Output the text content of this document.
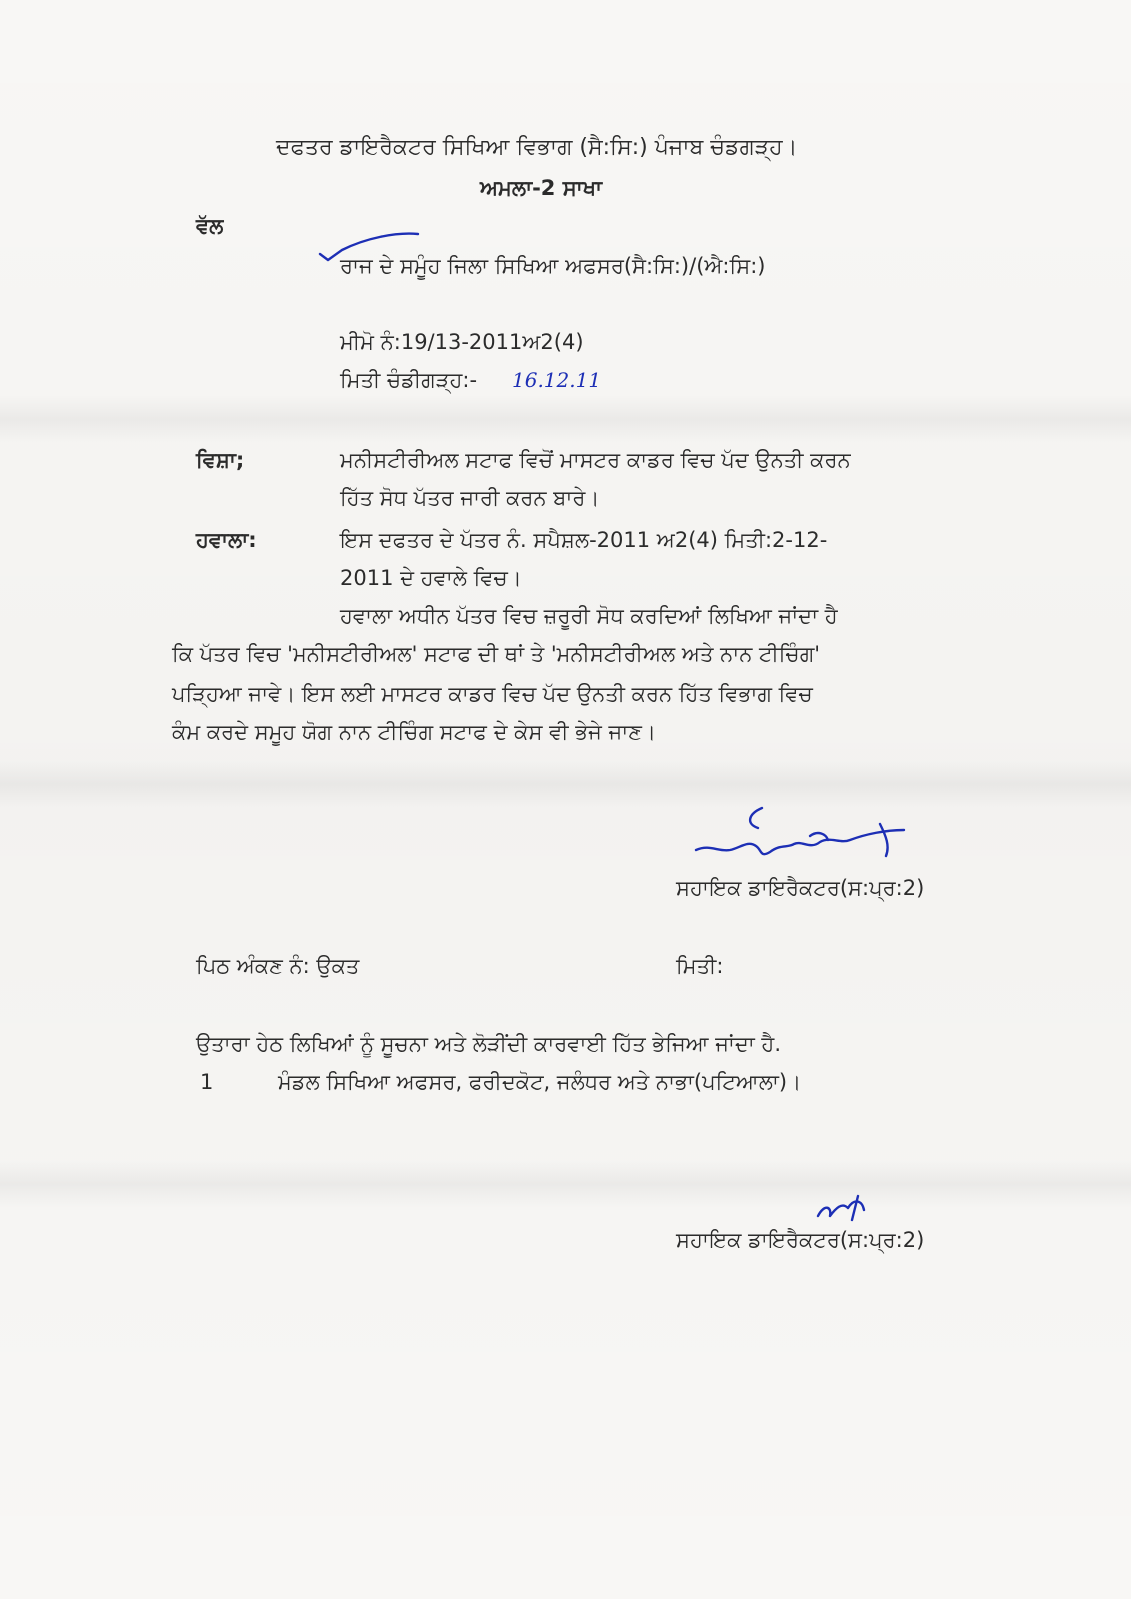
ਦਫਤਰ ਡਾਇਰੈਕਟਰ ਸਿਖਿਆ ਵਿਭਾਗ (ਸੈ:ਸਿ:) ਪੰਜਾਬ ਚੰਡਗੜ੍ਹ।
ਅਮਲਾ-2 ਸਾਖਾ
ਵੱਲ
ਰਾਜ ਦੇ ਸਮੂੰਹ ਜਿਲਾ ਸਿਖਿਆ ਅਫਸਰ(ਸੈ:ਸਿ:)/(ਐ:ਸਿ:)
ਮੀਮੋ ਨੰ:19/13-2011ਅ2(4)
ਮਿਤੀ ਚੰਡੀਗੜ੍ਹ:- 16.12.11
ਵਿਸ਼ਾ;	ਮਨੀਸਟੀਰੀਅਲ ਸਟਾਫ ਵਿਚੋਂ ਮਾਸਟਰ ਕਾਡਰ ਵਿਚ ਪੱਦ ਉਨਤੀ ਕਰਨ
ਹਿੱਤ ਸੋਧ ਪੱਤਰ ਜਾਰੀ ਕਰਨ ਬਾਰੇ।
ਹਵਾਲਾ:	ਇਸ ਦਫਤਰ ਦੇ ਪੱਤਰ ਨੰ. ਸਪੈਸ਼ਲ-2011 ਅ2(4) ਮਿਤੀ:2-12-
2011 ਦੇ ਹਵਾਲੇ ਵਿਚ।
ਹਵਾਲਾ ਅਧੀਨ ਪੱਤਰ ਵਿਚ ਜ਼ਰੂਰੀ ਸੋਧ ਕਰਦਿਆਂ ਲਿਖਿਆ ਜਾਂਦਾ ਹੈ
ਕਿ ਪੱਤਰ ਵਿਚ 'ਮਨੀਸਟੀਰੀਅਲ' ਸਟਾਫ ਦੀ ਥਾਂ ਤੇ 'ਮਨੀਸਟੀਰੀਅਲ ਅਤੇ ਨਾਨ ਟੀਚਿੰਗ'
ਪੜ੍ਹਿਆ ਜਾਵੇ। ਇਸ ਲਈ ਮਾਸਟਰ ਕਾਡਰ ਵਿਚ ਪੱਦ ਉਨਤੀ ਕਰਨ ਹਿੱਤ ਵਿਭਾਗ ਵਿਚ
ਕੰਮ ਕਰਦੇ ਸਮੂਹ ਯੋਗ ਨਾਨ ਟੀਚਿੰਗ ਸਟਾਫ ਦੇ ਕੇਸ ਵੀ ਭੇਜੇ ਜਾਣ।
ਸਹਾਇਕ ਡਾਇਰੈਕਟਰ(ਸ:ਪ੍ਰ:2)
ਪਿਠ ਅੰਕਣ ਨੰ: ਉਕਤ	ਮਿਤੀ:
ਉਤਾਰਾ ਹੇਠ ਲਿਖਿਆਂ ਨੂੰ ਸੂਚਨਾ ਅਤੇ ਲੋੜੀਂਦੀ ਕਾਰਵਾਈ ਹਿੱਤ ਭੇਜਿਆ ਜਾਂਦਾ ਹੈ.
1	ਮੰਡਲ ਸਿਖਿਆ ਅਫਸਰ, ਫਰੀਦਕੋਟ, ਜਲੰਧਰ ਅਤੇ ਨਾਭਾ(ਪਟਿਆਲਾ)।
ਸਹਾਇਕ ਡਾਇਰੈਕਟਰ(ਸ:ਪ੍ਰ:2)
